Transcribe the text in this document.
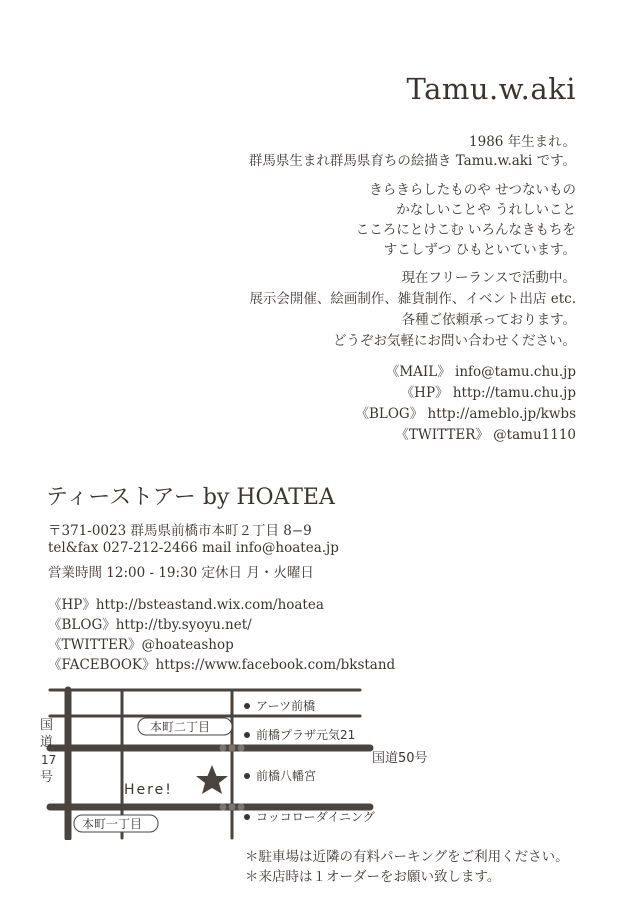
Tamu.w.aki
1986 年生まれ。
群馬県生まれ群馬県育ちの絵描き Tamu.w.aki です。
きらきらしたものや せつないもの
かなしいことや うれしいこと
こころにとけこむ いろんなきもちを
すこしずつ ひもといています。
現在フリーランスで活動中。
展示会開催、絵画制作、雑貨制作、イベント出店 etc.
各種ご依頼承っております。
どうぞお気軽にお問い合わせください。
《MAIL》 info@tamu.chu.jp
《HP》 http://tamu.chu.jp
《BLOG》 http://ameblo.jp/kwbs
《TWITTER》 @tamu1110
ティーストアー by HOATEA
〒371-0023 群馬県前橋市本町２丁目 8−9
tel&fax 027-212-2466 mail info@hoatea.jp
営業時間 12:00 - 19:30 定休日 月・火曜日
《HP》http://bsteastand.wix.com/hoatea
《BLOG》http://tby.syoyu.net/
《TWITTER》@hoateashop
《FACEBOOK》https://www.facebook.com/bkstand
国
道
17
号
本町二丁目
本町一丁目
国道50号
Here!
アーツ前橋
前橋プラザ元気21
前橋八幡宮
コッコローダイニング
＊駐車場は近隣の有料パーキングをご利用ください。
＊来店時は１オーダーをお願い致します。
